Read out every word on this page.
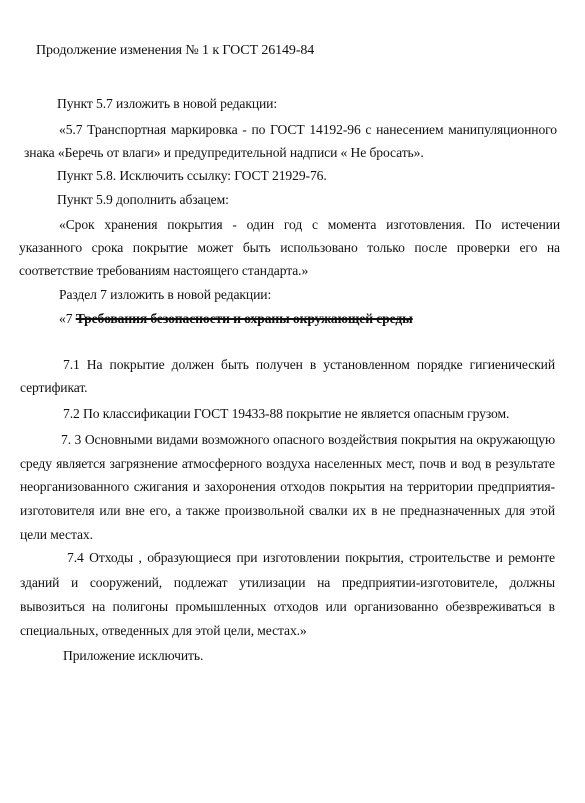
Продолжение изменения № 1 к ГОСТ 26149-84
Пункт 5.7 изложить в новой редакции:
«5.7 Транспортная маркировка - по ГОСТ 14192-96 с нанесением манипуляционного
знака «Беречь от влаги» и предупредительной надписи « Не бросать».
Пункт 5.8. Исключить ссылку: ГОСТ 21929-76.
Пункт 5.9 дополнить абзацем:
«Срок хранения покрытия - один год с момента изготовления. По истечении
указанного срока покрытие может быть использовано только после проверки его на
соответствие требованиям настоящего стандарта.»
Раздел 7 изложить в новой редакции:
«7 Требования безопасности и охраны окружающей среды
7.1 На покрытие должен быть получен в установленном порядке гигиенический
сертификат.
7.2 По классификации ГОСТ 19433-88 покрытие не является опасным грузом.
7. 3 Основными видами возможного опасного воздействия покрытия на окружающую
среду является загрязнение атмосферного воздуха населенных мест, почв и вод в результате
неорганизованного сжигания и захоронения отходов покрытия на территории предприятия-
изготовителя или вне его, а также произвольной свалки их в не предназначенных для этой
цели местах.
7.4 Отходы , образующиеся при изготовлении покрытия, строительстве и ремонте
зданий и сооружений, подлежат утилизации на предприятии-изготовителе, должны
вывозиться на полигоны промышленных отходов или организованно обезвреживаться в
специальных, отведенных для этой цели, местах.»
Приложение исключить.
